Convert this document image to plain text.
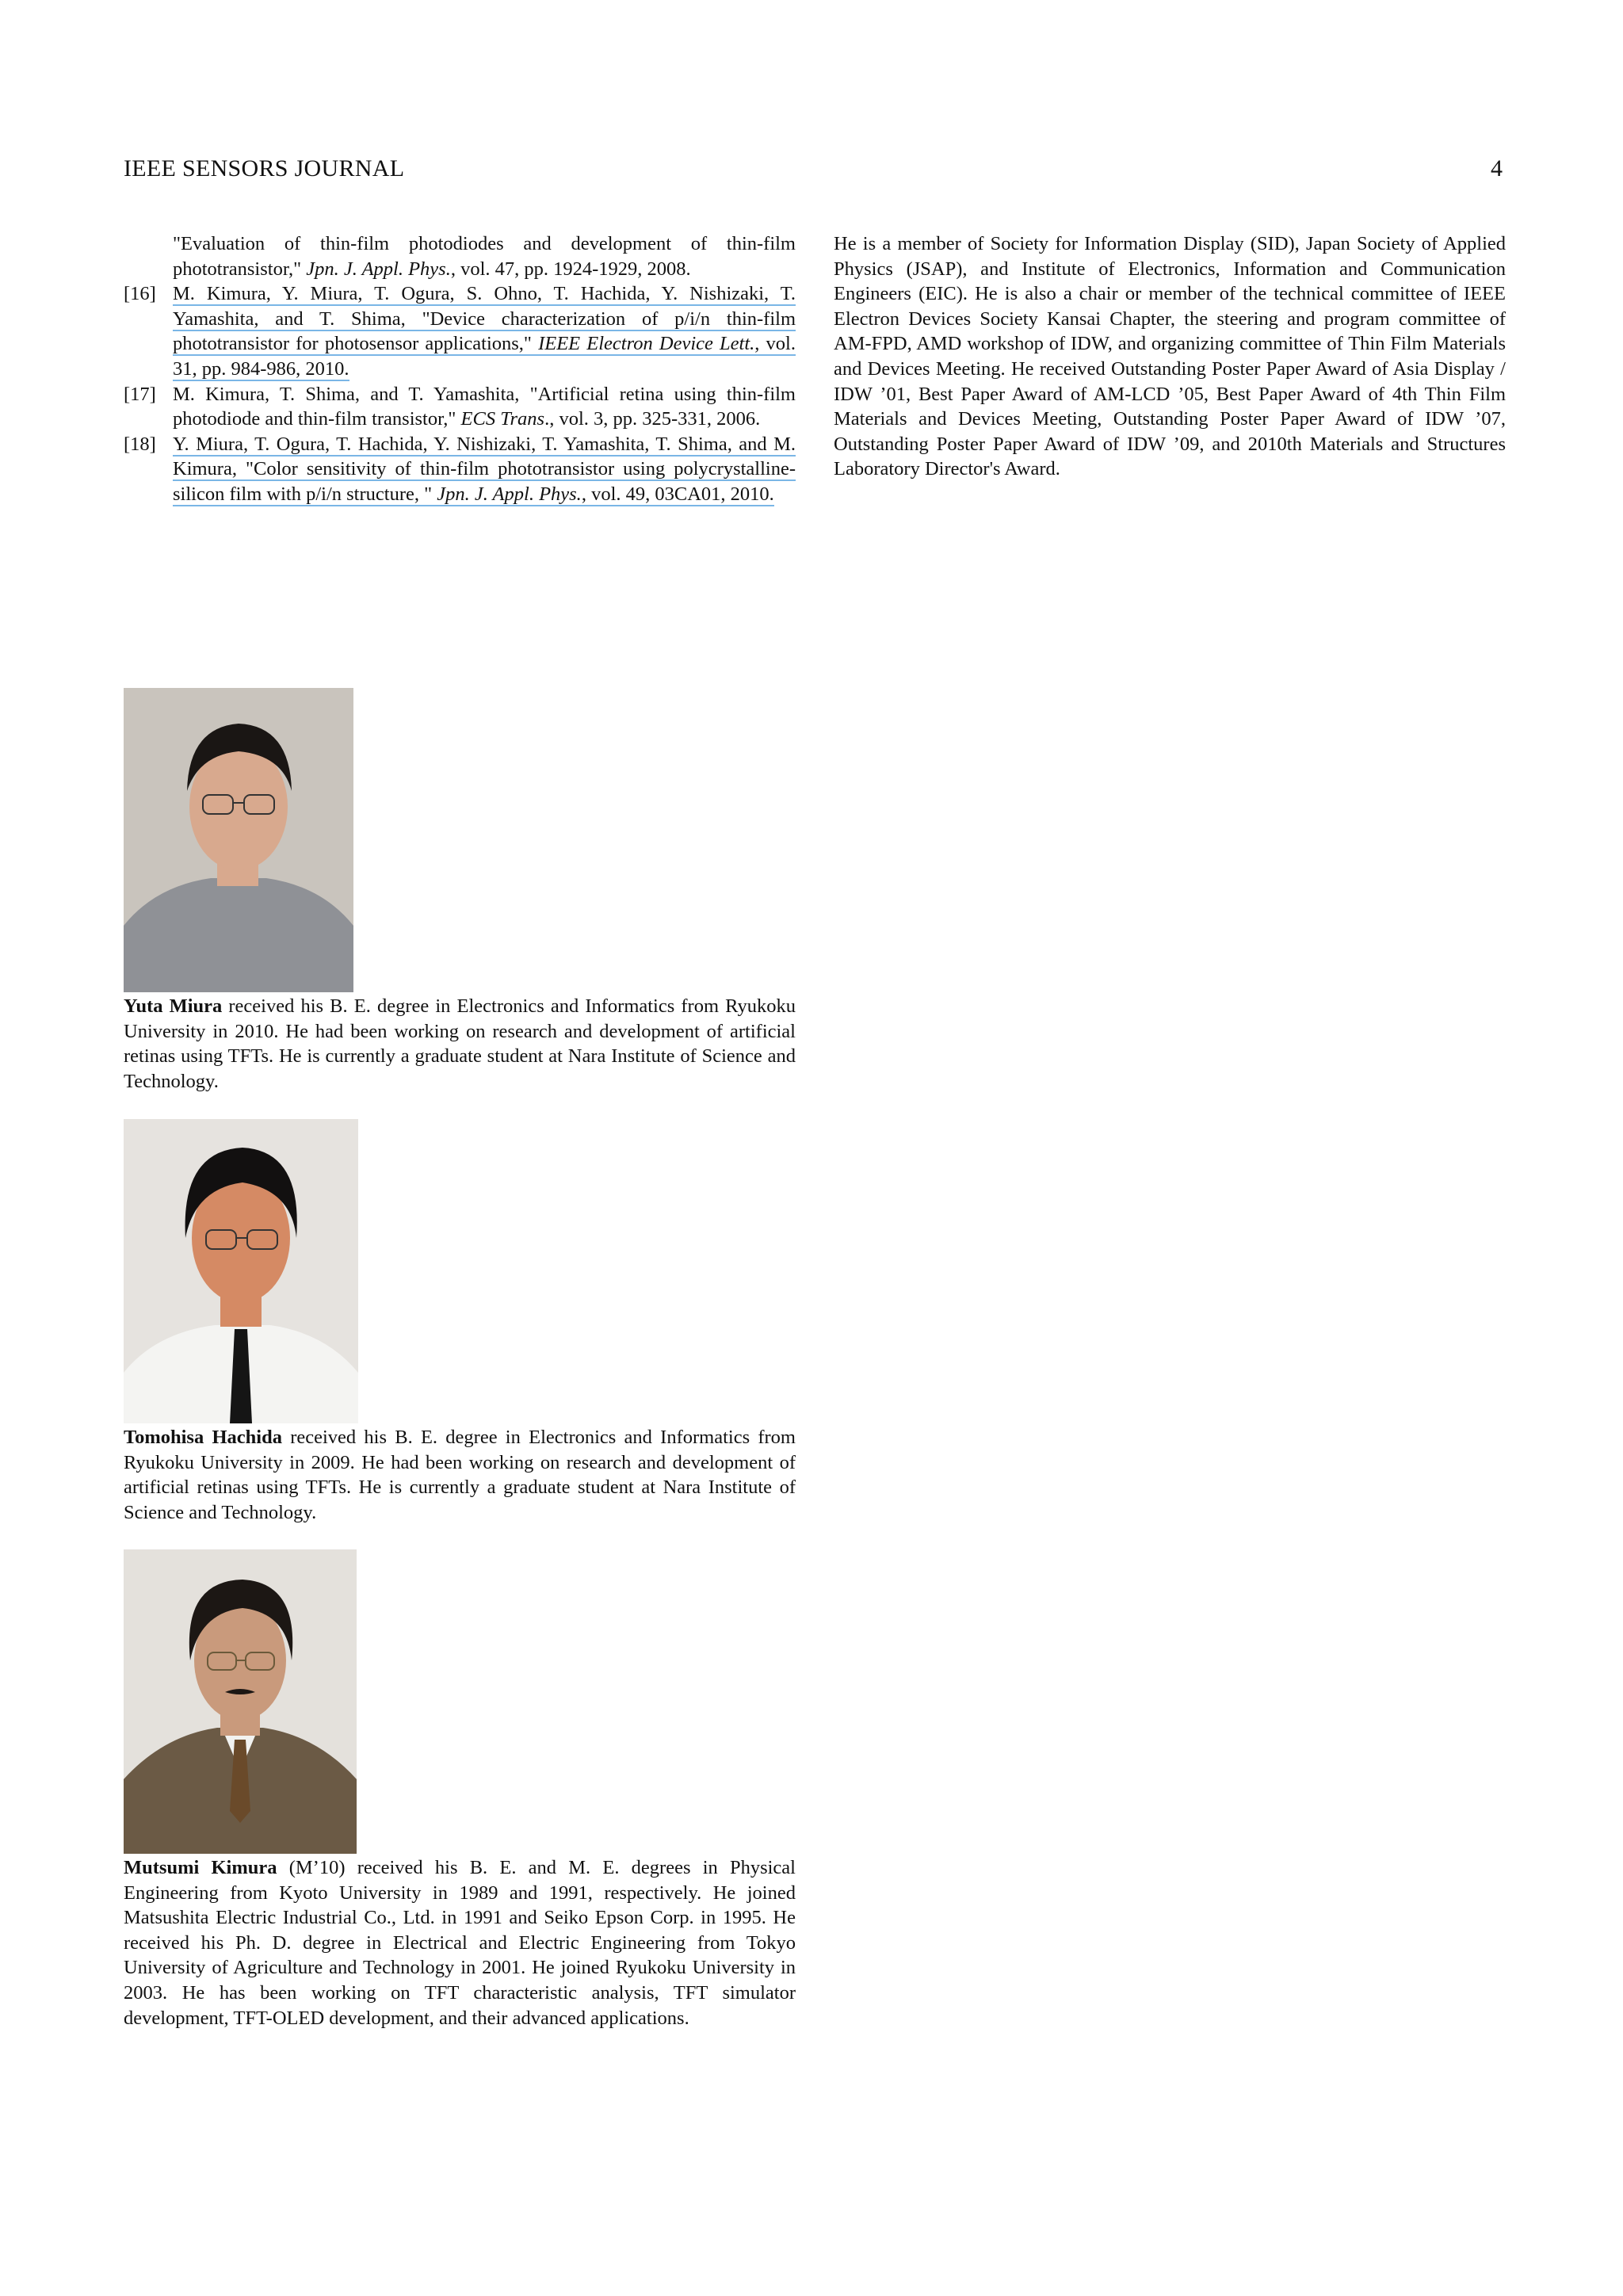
IEEE SENSORS JOURNAL	4
"Evaluation of thin-film photodiodes and development of thin-film phototransistor," Jpn. J. Appl. Phys., vol. 47, pp. 1924-1929, 2008.
[16] M. Kimura, Y. Miura, T. Ogura, S. Ohno, T. Hachida, Y. Nishizaki, T. Yamashita, and T. Shima, "Device characterization of p/i/n thin-film phototransistor for photosensor applications," IEEE Electron Device Lett., vol. 31, pp. 984-986, 2010.
[17] M. Kimura, T. Shima, and T. Yamashita, "Artificial retina using thin-film photodiode and thin-film transistor," ECS Trans., vol. 3, pp. 325-331, 2006.
[18] Y. Miura, T. Ogura, T. Hachida, Y. Nishizaki, T. Yamashita, T. Shima, and M. Kimura, "Color sensitivity of thin-film phototransistor using polycrystalline-silicon film with p/i/n structure, " Jpn. J. Appl. Phys., vol. 49, 03CA01, 2010.
He is a member of Society for Information Display (SID), Japan Society of Applied Physics (JSAP), and Institute of Electronics, Information and Communication Engineers (EIC). He is also a chair or member of the technical committee of IEEE Electron Devices Society Kansai Chapter, the steering and program committee of AM-FPD, AMD workshop of IDW, and organizing committee of Thin Film Materials and Devices Meeting. He received Outstanding Poster Paper Award of Asia Display / IDW ’01, Best Paper Award of AM-LCD ’05, Best Paper Award of 4th Thin Film Materials and Devices Meeting, Outstanding Poster Paper Award of IDW ’07, Outstanding Poster Paper Award of IDW ’09, and 2010th Materials and Structures Laboratory Director's Award.
Yuta Miura received his B. E. degree in Electronics and Informatics from Ryukoku University in 2010. He had been working on research and development of artificial retinas using TFTs. He is currently a graduate student at Nara Institute of Science and Technology.
Tomohisa Hachida received his B. E. degree in Electronics and Informatics from Ryukoku University in 2009. He had been working on research and development of artificial retinas using TFTs. He is currently a graduate student at Nara Institute of Science and Technology.
Mutsumi Kimura (M’10) received his B. E. and M. E. degrees in Physical Engineering from Kyoto University in 1989 and 1991, respectively. He joined Matsushita Electric Industrial Co., Ltd. in 1991 and Seiko Epson Corp. in 1995. He received his Ph. D. degree in Electrical and Electric Engineering from Tokyo University of Agriculture and Technology in 2001. He joined Ryukoku University in 2003. He has been working on TFT characteristic analysis, TFT simulator development, TFT-OLED development, and their advanced applications.
